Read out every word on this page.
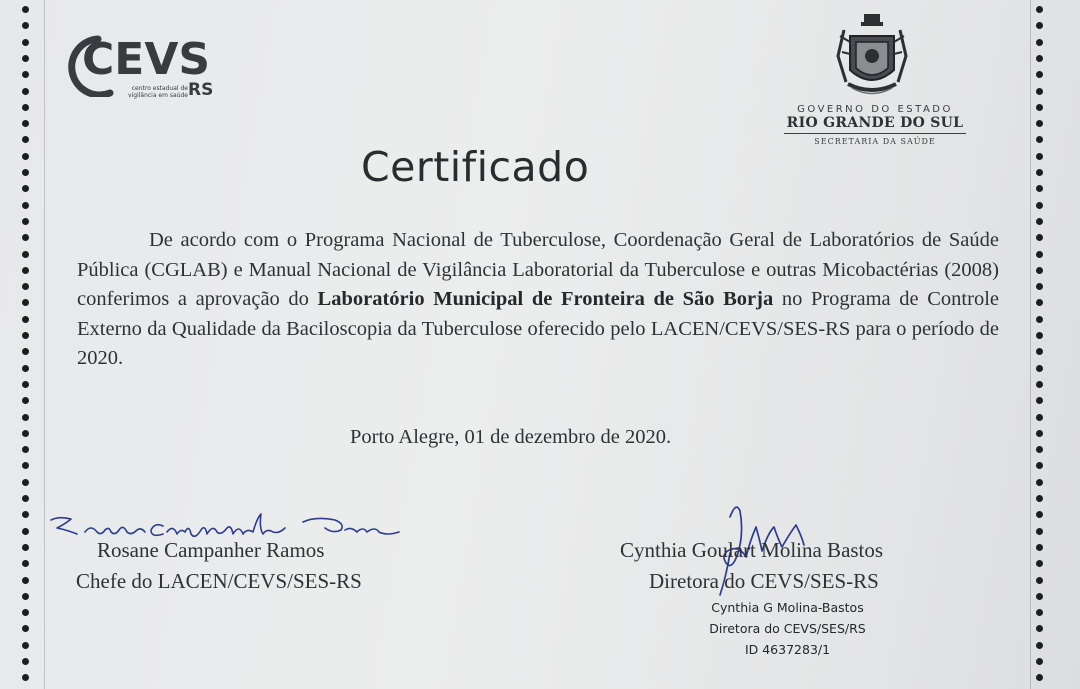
CEVS
centro estadual de vigilância em saúde RS
GOVERNO DO ESTADO
RIO GRANDE DO SUL
SECRETARIA DA SAÚDE
Certificado
De acordo com o Programa Nacional de Tuberculose, Coordenação Geral de Laboratórios de Saúde Pública (CGLAB) e Manual Nacional de Vigilância Laboratorial da Tuberculose e outras Micobactérias (2008) conferimos a aprovação do Laboratório Municipal de Fronteira de São Borja no Programa de Controle Externo da Qualidade da Baciloscopia da Tuberculose oferecido pelo LACEN/CEVS/SES-RS para o período de 2020.
Porto Alegre, 01 de dezembro de 2020.
Rosane Campanher Ramos
Chefe do LACEN/CEVS/SES-RS
Cynthia Goulart Molina Bastos
Diretora do CEVS/SES-RS
Cynthia G Molina-Bastos
Diretora do CEVS/SES/RS
ID 4637283/1
